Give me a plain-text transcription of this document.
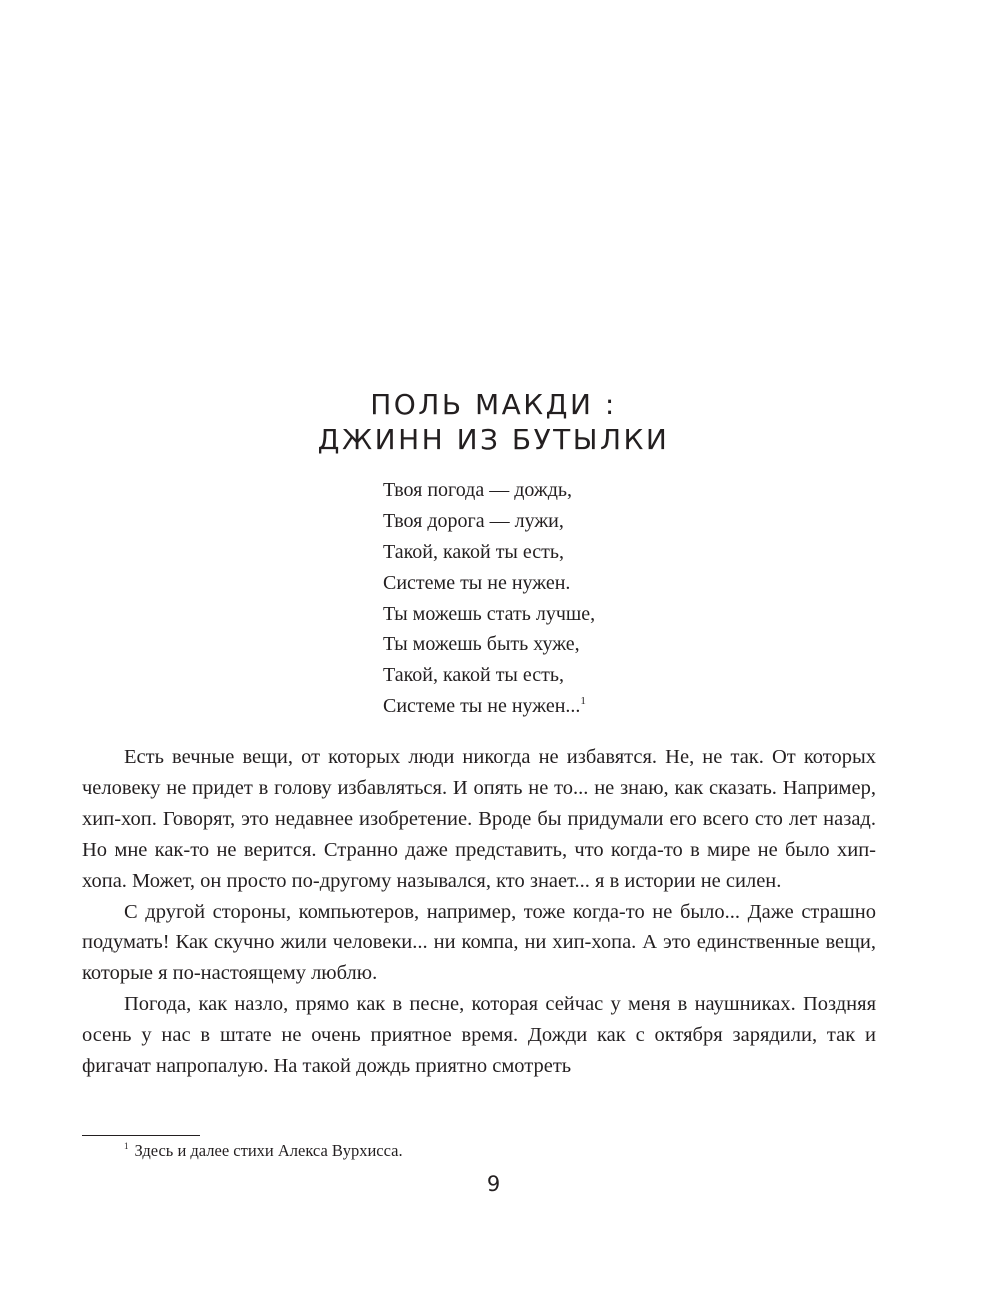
ПОЛЬ МАКДИ :
ДЖИНН ИЗ БУТЫЛКИ
Твоя погода — дождь,
Твоя дорога — лужи,
Такой, какой ты есть,
Системе ты не нужен.
Ты можешь стать лучше,
Ты можешь быть хуже,
Такой, какой ты есть,
Системе ты не нужен...$^1$

Есть вечные вещи, от которых люди никогда не избавятся. Не, не так. От которых человеку не придет в голову избавляться. И опять не то... не знаю, как сказать. Например, хип-хоп. Говорят, это недавнее изобретение. Вроде бы придумали его всего сто лет назад. Но мне как-то не верится. Странно даже представить, что когда-то в мире не было хип-хопа. Может, он просто по-другому назывался, кто знает... я в истории не силен.

С другой стороны, компьютеров, например, тоже когда-то не было... Даже страшно подумать! Как скучно жили человеки... ни компа, ни хип-хопа. А это единственные вещи, которые я по-настоящему люблю.

Погода, как назло, прямо как в песне, которая сейчас у меня в наушниках. Поздняя осень у нас в штате не очень приятное время. Дожди как с октября зарядили, так и фигачат напропалую. На такой дождь приятно смотреть

$^1$ Здесь и далее стихи Алекса Вурхисса.
9
